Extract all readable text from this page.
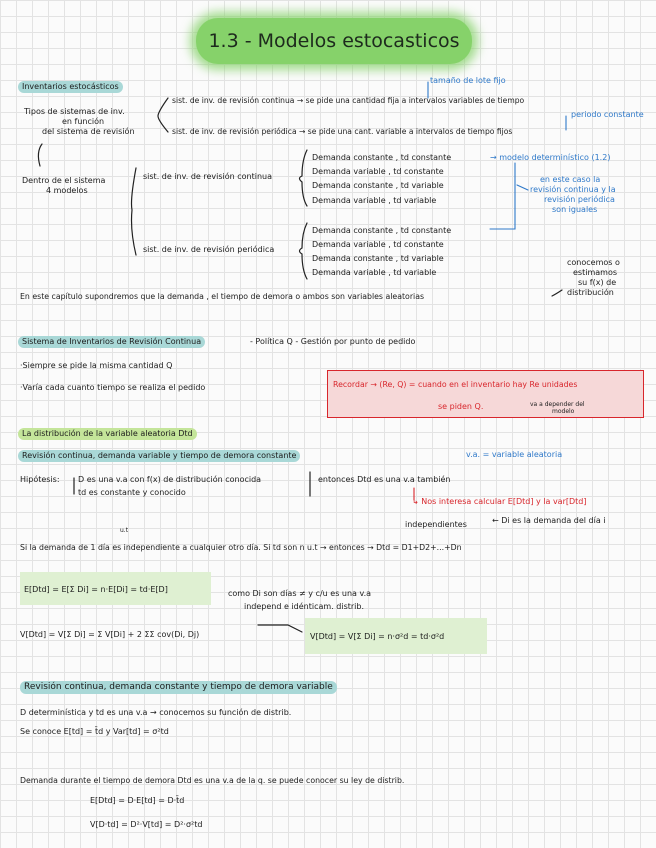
1.3 - Modelos estocasticos
Inventarios estocásticos
tamaño de lote fijo
Tipos de sistemas de inv.
en función
del sistema de revisión
sist. de inv. de revisión continua → se pide una cantidad fija a intervalos variables de tiempo
periodo constante
sist. de inv. de revisión periódica → se pide una cant. variable a intervalos de tiempo fijos
Dentro de el sistema
4 modelos
sist. de inv. de revisión continua
sist. de inv. de revisión periódica
Demanda constante , td constante
Demanda variable , td constante
Demanda constante , td variable
Demanda variable , td variable
→ modelo determinístico (1.2)
en este caso la
revisión continua y la
revisión periódica
son iguales
Demanda constante , td constante
Demanda variable , td constante
Demanda constante , td variable
Demanda variable , td variable
conocemos o
estimamos
su f(x) de
distribución
En este capítulo supondremos que la demanda , el tiempo de demora o ambos son variables aleatorias
Sistema de Inventarios de Revisión Continua	- Política Q - Gestión por punto de pedido
·Siempre se pide la misma cantidad Q
·Varía cada cuanto tiempo se realiza el pedido	Recordar → (Re, Q) = cuando en el inventario hay Re unidades
se piden Q.	va a depender del
modelo
La distribución de la variable aleatoria Dtd
Revisión continua, demanda variable y tiempo de demora constante	v.a. = variable aleatoria
Hipótesis: D es una v.a con f(x) de distribución conocida
td es constante y conocido
entonces Dtd es una v.a también
↳ Nos interesa calcular E[Dtd] y la var[Dtd]
independientes	← Di es la demanda del día i
u.t
Si la demanda de 1 día es independiente a cualquier otro día. Si td son n u.t → entonces → Dtd = D1+D2+...+Dn
E[Dtd] = E[Σ Di] = n·E[Di] = td·E[D]	como Di son días ≠ y c/u es una v.a
independ e idénticam. distrib.
V[Dtd] = V[Σ Di] = Σ V[Di] + 2 ΣΣ cov(Di, Dj)	V[Dtd] = V[Σ Di] = n·σ²d = td·σ²d
Revisión continua, demanda constante y tiempo de demora variable
D determinística y td es una v.a → conocemos su función de distrib.
Se conoce E[td] = t̄d y Var[td] = σ²td
Demanda durante el tiempo de demora Dtd es una v.a de la q. se puede conocer su ley de distrib.
E[Dtd] = D·E[td] = D·t̄d
V[D·td] = D²·V[td] = D²·σ²td
